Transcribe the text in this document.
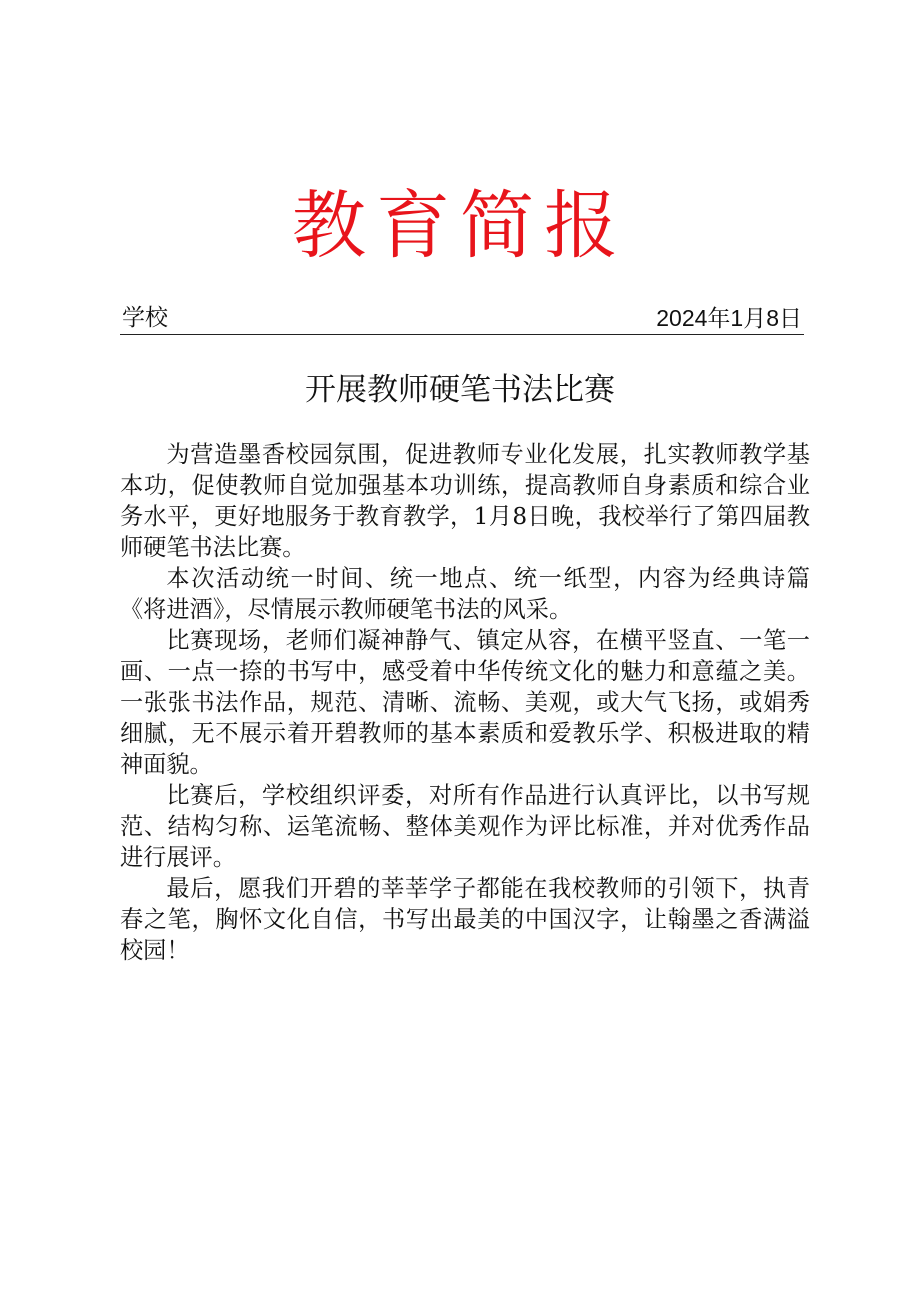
教育简报
学校	2024年1月8日
开展教师硬笔书法比赛

为营造墨香校园氛围，促进教师专业化发展，扎实教师教学基本功，促使教师自觉加强基本功训练，提高教师自身素质和综合业务水平，更好地服务于教育教学，1月8日晚，我校举行了第四届教师硬笔书法比赛。

本次活动统一时间、统一地点、统一纸型，内容为经典诗篇《将进酒》，尽情展示教师硬笔书法的风采。

比赛现场，老师们凝神静气、镇定从容，在横平竖直、一笔一画、一点一捺的书写中，感受着中华传统文化的魅力和意蕴之美。一张张书法作品，规范、清晰、流畅、美观，或大气飞扬，或娟秀细腻，无不展示着开碧教师的基本素质和爱教乐学、积极进取的精神面貌。

比赛后，学校组织评委，对所有作品进行认真评比，以书写规范、结构匀称、运笔流畅、整体美观作为评比标准，并对优秀作品进行展评。

最后，愿我们开碧的莘莘学子都能在我校教师的引领下，执青春之笔，胸怀文化自信，书写出最美的中国汉字，让翰墨之香满溢校园！
